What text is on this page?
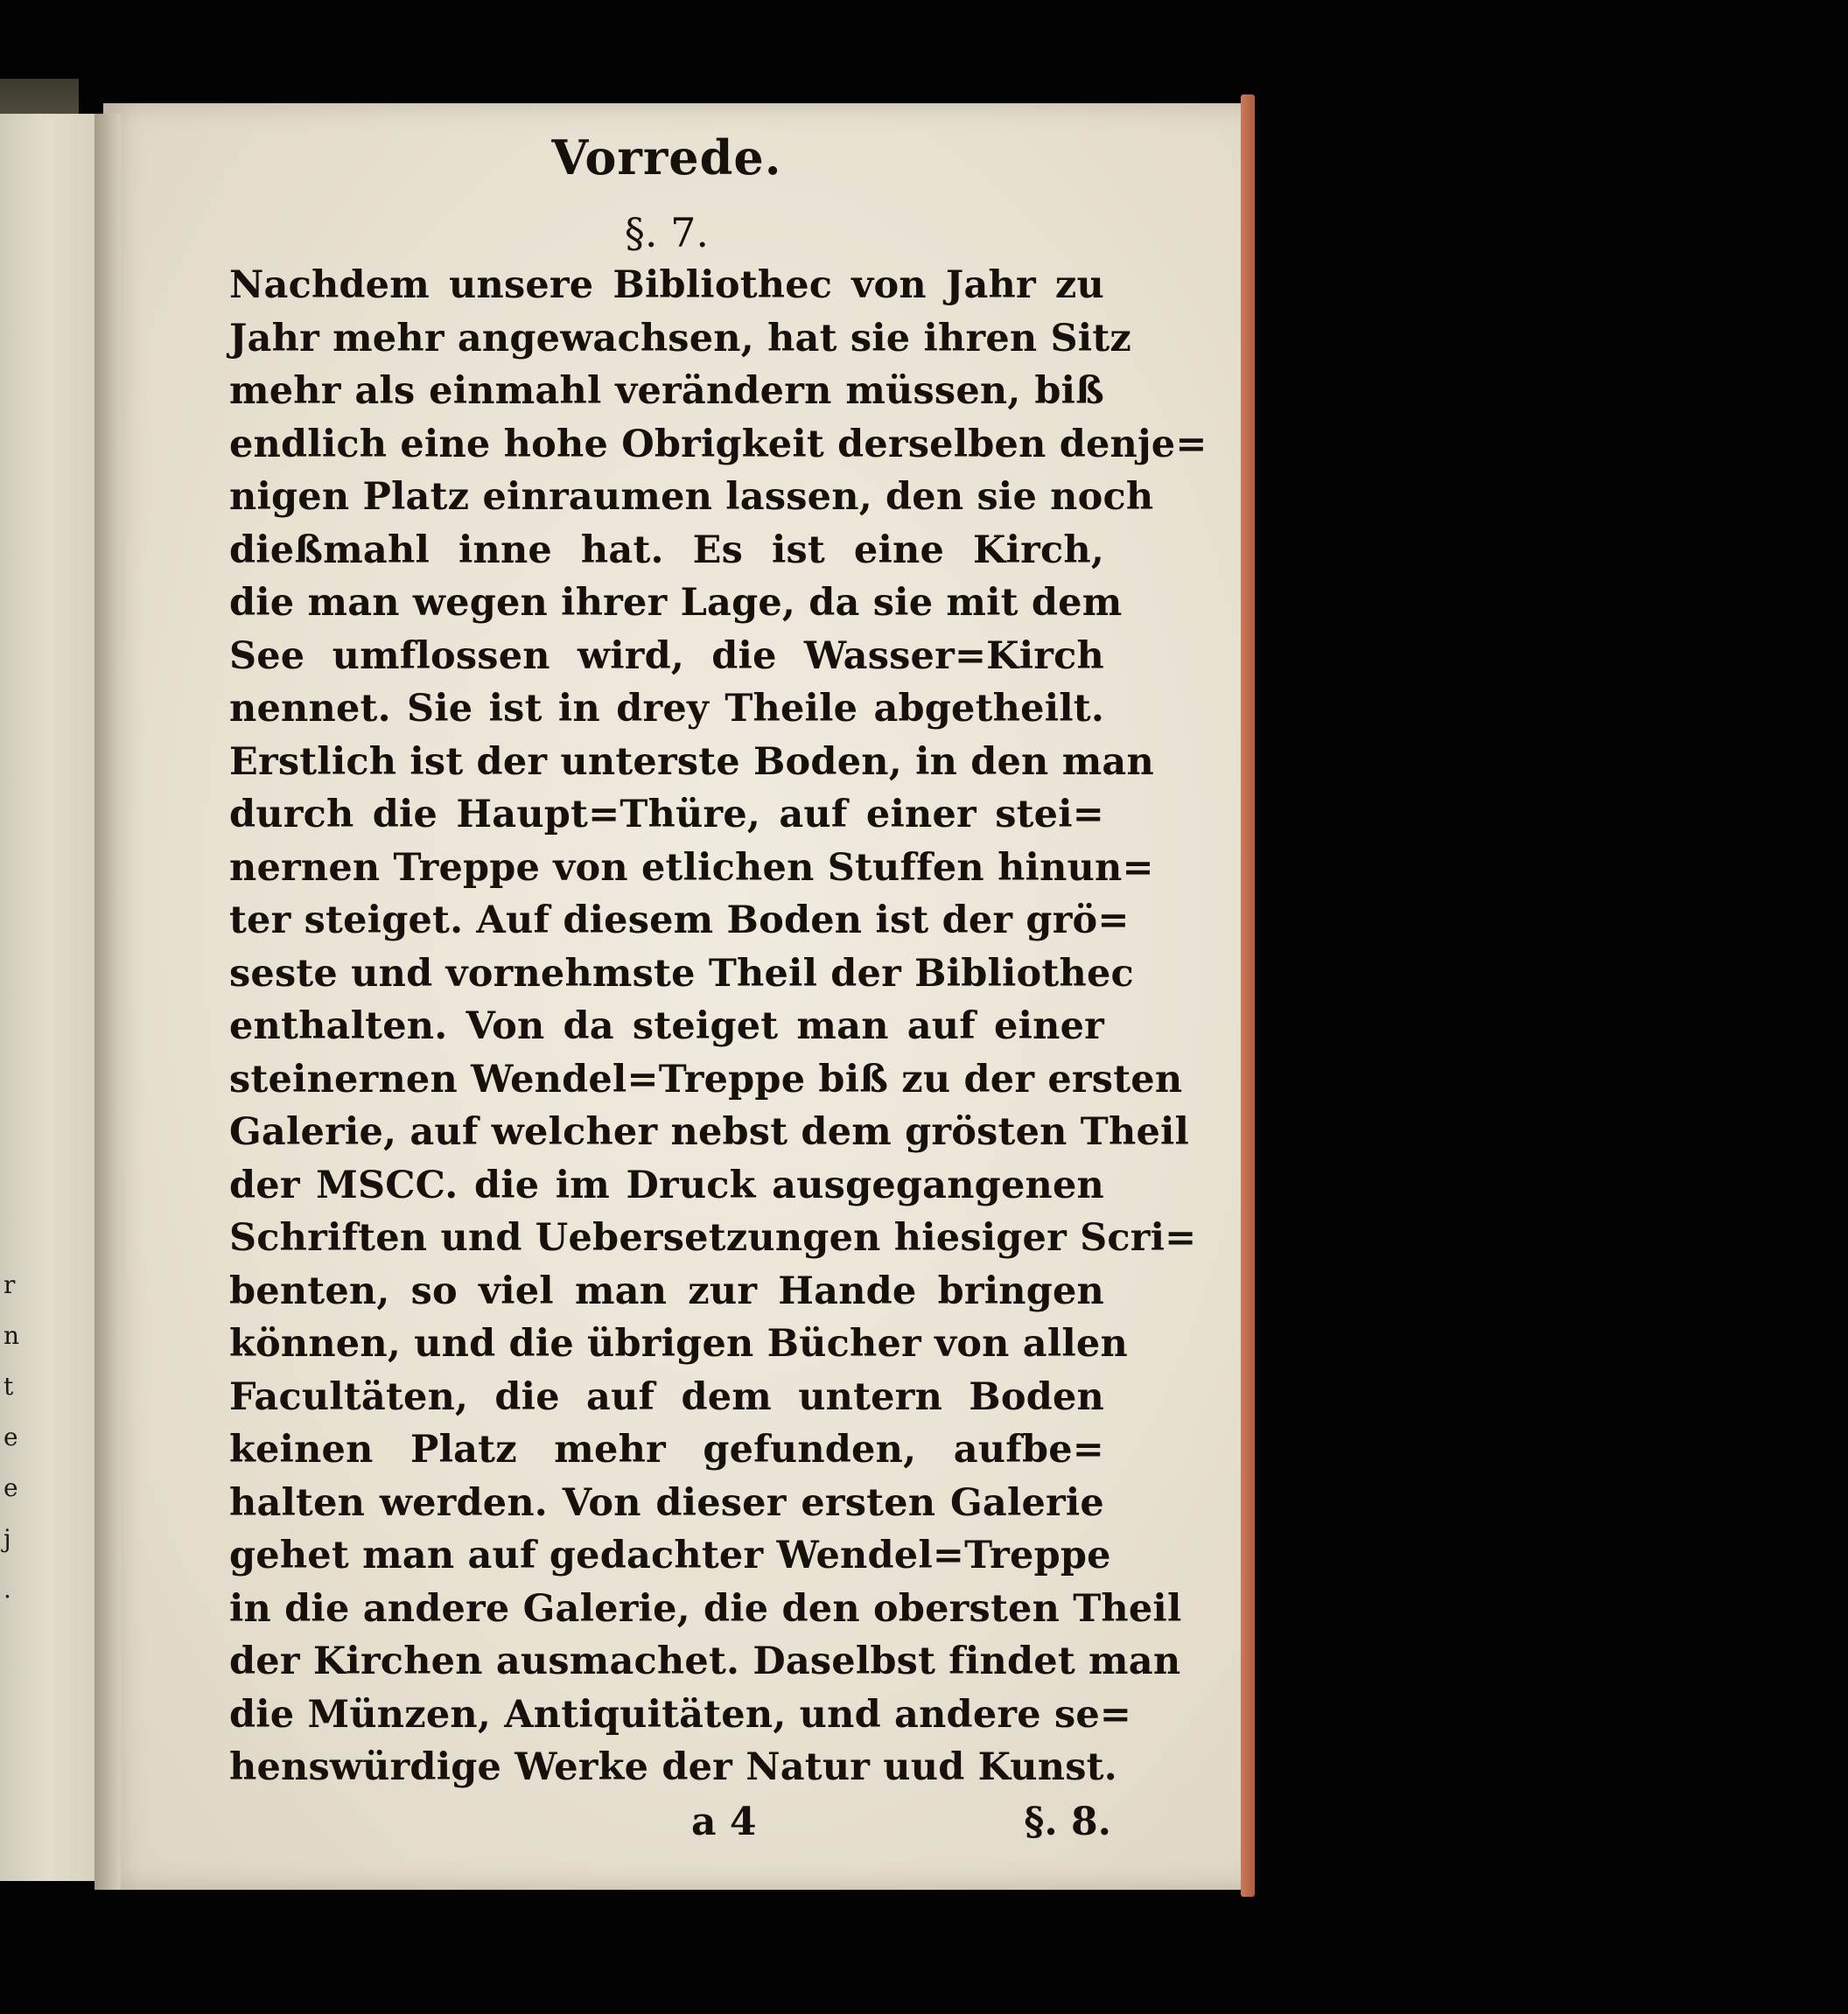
r
n
t
e
e
j
.
Vorrede.
§. 7.
Nachdem unsere Bibliothec von Jahr zu
Jahr mehr angewachsen, hat sie ihren Sitz
mehr als einmahl verändern müssen, biß
endlich eine hohe Obrigkeit derselben denje=
nigen Platz einraumen lassen, den sie noch
dießmahl inne hat. Es ist eine Kirch,
die man wegen ihrer Lage, da sie mit dem
See umflossen wird, die Wasser=Kirch
nennet. Sie ist in drey Theile abgetheilt.
Erstlich ist der unterste Boden, in den man
durch die Haupt=Thüre, auf einer stei=
nernen Treppe von etlichen Stuffen hinun=
ter steiget. Auf diesem Boden ist der grö=
seste und vornehmste Theil der Bibliothec
enthalten. Von da steiget man auf einer
steinernen Wendel=Treppe biß zu der ersten
Galerie, auf welcher nebst dem grösten Theil
der MSCC. die im Druck ausgegangenen
Schriften und Uebersetzungen hiesiger Scri=
benten, so viel man zur Hande bringen
können, und die übrigen Bücher von allen
Facultäten, die auf dem untern Boden
keinen Platz mehr gefunden, aufbe=
halten werden. Von dieser ersten Galerie
gehet man auf gedachter Wendel=Treppe
in die andere Galerie, die den obersten Theil
der Kirchen ausmachet. Daselbst findet man
die Münzen, Antiquitäten, und andere se=
henswürdige Werke der Natur uud Kunst.
a 4	§. 8.
